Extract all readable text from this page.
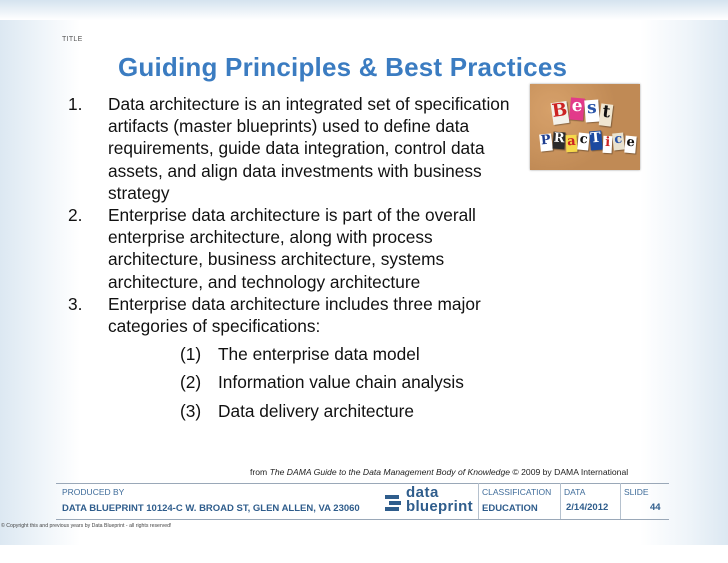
TITLE
Guiding Principles & Best Practices
1. Data architecture is an integrated set of specification artifacts (master blueprints) used to define data requirements, guide data integration, control data assets, and align data investments with business strategy
2. Enterprise data architecture is part of the overall enterprise architecture, along with process architecture, business architecture, systems architecture, and technology architecture
3. Enterprise data architecture includes three major categories of specifications:
(1) The enterprise data model
(2) Information value chain analysis
(3) Data delivery architecture
B e s t
P R a c T i c e
from The DAMA Guide to the Data Management Body of Knowledge © 2009 by DAMA International
PRODUCED BY
DATA BLUEPRINT 10124-C W. BROAD ST, GLEN ALLEN, VA 23060
data
blueprint
CLASSIFICATION
EDUCATION
DATA
2/14/2012
SLIDE
44
© Copyright this and previous years by Data Blueprint - all rights reserved!
